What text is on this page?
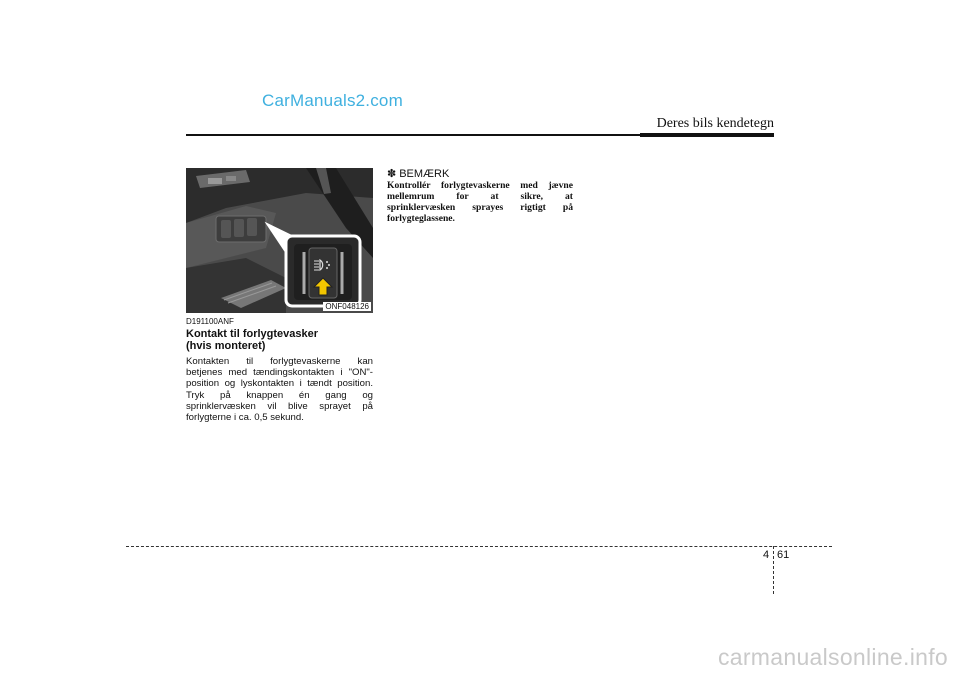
CarManuals2.com
Deres bils kendetegn
ONF048126
D191100ANF
Kontakt til forlygtevasker
(hvis monteret)
Kontakten til forlygtevaskerne kan
betjenes med tændingskontakten i "ON"-
position og lyskontakten i tændt position.
Tryk på knappen én gang og
sprinklervæsken vil blive sprayet på
forlygterne i ca. 0,5 sekund.
✽ BEMÆRK
Kontrollér forlygtevaskerne med jævne
mellemrum for at sikre, at
sprinklervæsken sprayes rigtigt på
forlygteglassene.
4 61
carmanualsonline.info
